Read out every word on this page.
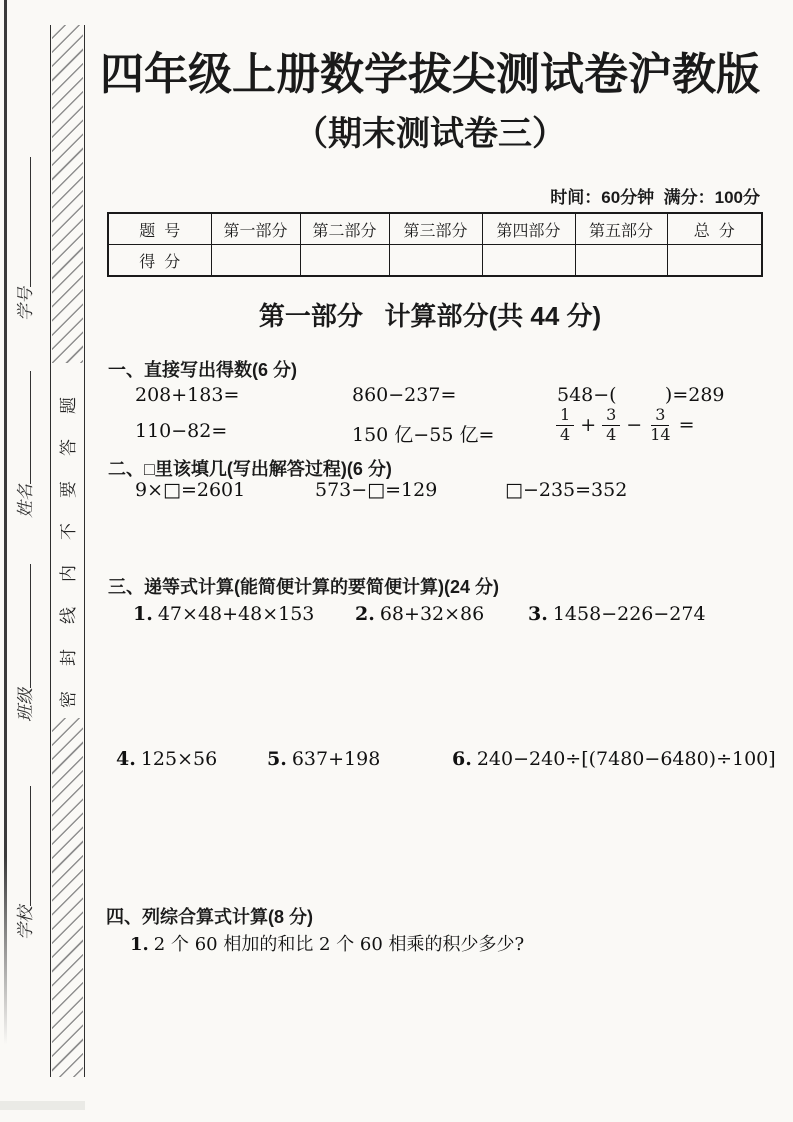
学校班级姓名学号
密封线内不要答题
四年级上册数学拔尖测试卷沪教版
（期末测试卷三）
时间：60分钟  满分：100分
题  号	第一部分	第二部分	第三部分	第四部分	第五部分	总  分
得  分						
第一部分   计算部分(共 44 分)
一、直接写出得数(6 分)
208+183=	860−237=	548−(        )=289
110−82=	150 亿−55 亿=	$\frac{1}{4} + \frac{3}{4} - \frac{3}{14}$ =
二、□里该填几(写出解答过程)(6 分)
9×□=2601	573−□=129	□−235=352
三、递等式计算(能简便计算的要简便计算)(24 分)
1. 47×48+48×153 2. 68+32×86 3. 1458−226−274
4. 125×56	5. 637+198	6. 240−240÷[(7480−6480)÷100]
四、列综合算式计算(8 分)
1. 2 个 60 相加的和比 2 个 60 相乘的积少多少?
